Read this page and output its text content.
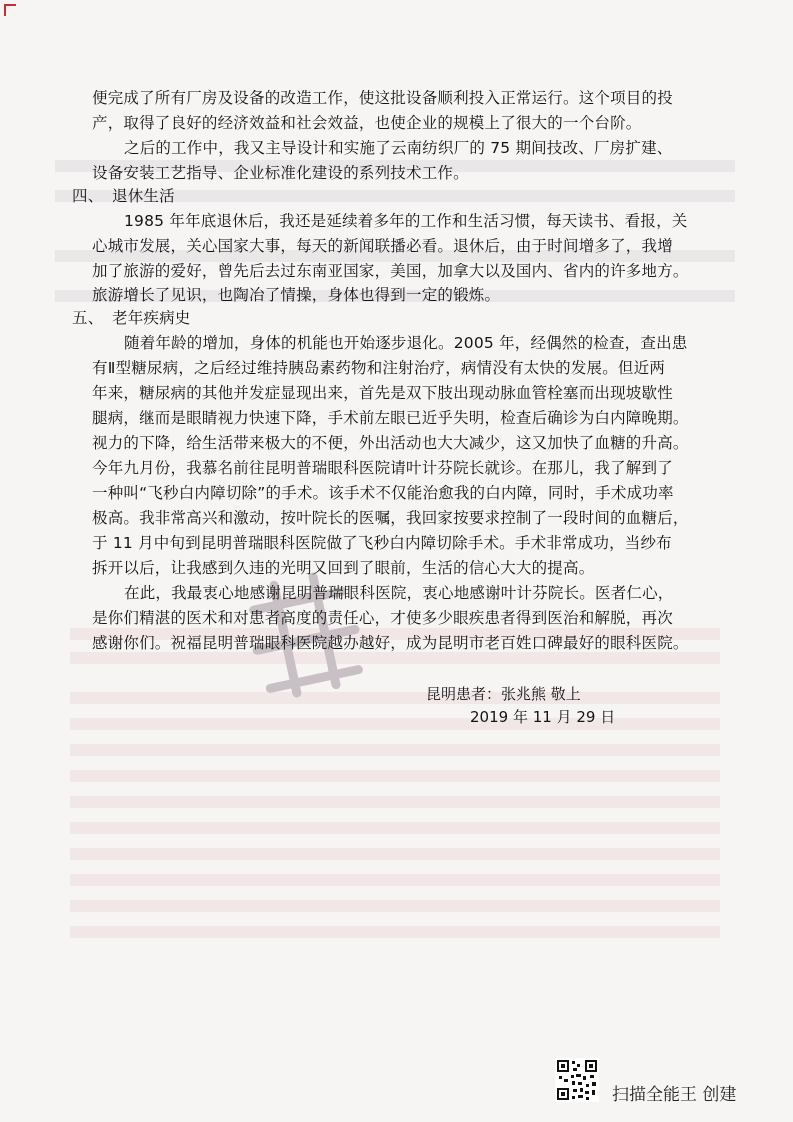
便完成了所有厂房及设备的改造工作，使这批设备顺利投入正常运行。这个项目的投
产，取得了良好的经济效益和社会效益，也使企业的规模上了很大的一个台阶。
之后的工作中，我又主导设计和实施了云南纺织厂的 75 期间技改、厂房扩建、
设备安装工艺指导、企业标准化建设的系列技术工作。
四、 退休生活
1985 年年底退休后，我还是延续着多年的工作和生活习惯，每天读书、看报，关
心城市发展，关心国家大事，每天的新闻联播必看。退休后，由于时间增多了，我增
加了旅游的爱好，曾先后去过东南亚国家，美国，加拿大以及国内、省内的许多地方。
旅游增长了见识，也陶冶了情操，身体也得到一定的锻炼。
五、 老年疾病史
随着年龄的增加，身体的机能也开始逐步退化。2005 年，经偶然的检查，查出患
有Ⅱ型糖尿病，之后经过维持胰岛素药物和注射治疗，病情没有太快的发展。但近两
年来，糖尿病的其他并发症显现出来，首先是双下肢出现动脉血管栓塞而出现坡歇性
腿病，继而是眼睛视力快速下降，手术前左眼已近乎失明，检查后确诊为白内障晚期。
视力的下降，给生活带来极大的不便，外出活动也大大减少，这又加快了血糖的升高。
今年九月份，我慕名前往昆明普瑞眼科医院请叶计芬院长就诊。在那儿，我了解到了
一种叫“飞秒白内障切除”的手术。该手术不仅能治愈我的白内障，同时，手术成功率
极高。我非常高兴和激动，按叶院长的医嘱，我回家按要求控制了一段时间的血糖后，
于 11 月中旬到昆明普瑞眼科医院做了飞秒白内障切除手术。手术非常成功，当纱布
拆开以后，让我感到久违的光明又回到了眼前，生活的信心大大的提高。
在此，我最衷心地感谢昆明普瑞眼科医院，衷心地感谢叶计芬院长。医者仁心，
是你们精湛的医术和对患者高度的责任心，才使多少眼疾患者得到医治和解脱，再次
感谢你们。祝福昆明普瑞眼科医院越办越好，成为昆明市老百姓口碑最好的眼科医院。
昆明患者：张兆熊 敬上
2019 年 11 月 29 日
扫描全能王 创建
